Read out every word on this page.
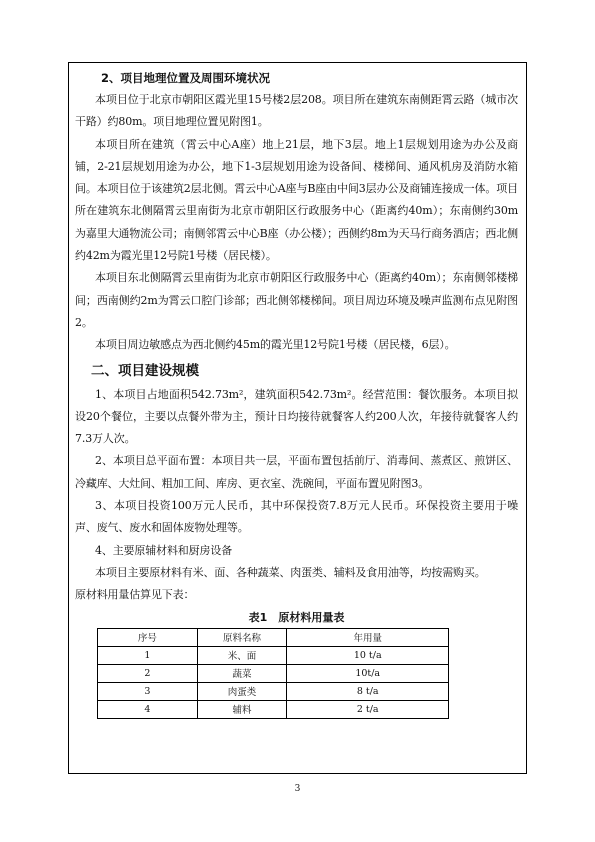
2、项目地理位置及周围环境状况

本项目位于北京市朝阳区霞光里15号楼2层208。项目所在建筑东南侧距霄云路（城市次干路）约80m。项目地理位置见附图1。

本项目所在建筑（霄云中心A座）地上21层，地下3层。地上1层规划用途为办公及商铺，2-21层规划用途为办公，地下1-3层规划用途为设备间、楼梯间、通风机房及消防水箱间。本项目位于该建筑2层北侧。霄云中心A座与B座由中间3层办公及商铺连接成一体。项目所在建筑东北侧隔霄云里南街为北京市朝阳区行政服务中心（距离约40m）；东南侧约30m为嘉里大通物流公司；南侧邻霄云中心B座（办公楼）；西侧约8m为天马行商务酒店；西北侧约42m为霞光里12号院1号楼（居民楼）。

本项目东北侧隔霄云里南街为北京市朝阳区行政服务中心（距离约40m）；东南侧邻楼梯间；西南侧约2m为霄云口腔门诊部；西北侧邻楼梯间。项目周边环境及噪声监测布点见附图2。

本项目周边敏感点为西北侧约45m的霞光里12号院1号楼（居民楼，6层）。

二、项目建设规模

1、本项目占地面积542.73m²，建筑面积542.73m²。经营范围：餐饮服务。本项目拟设20个餐位，主要以点餐外带为主，预计日均接待就餐客人约200人次，年接待就餐客人约7.3万人次。

2、本项目总平面布置：本项目共一层，平面布置包括前厅、消毒间、蒸煮区、煎饼区、冷藏库、大灶间、粗加工间、库房、更衣室、洗碗间，平面布置见附图3。

3、本项目投资100万元人民币，其中环保投资7.8万元人民币。环保投资主要用于噪声、废气、废水和固体废物处理等。

4、主要原辅材料和厨房设备

本项目主要原材料有米、面、各种蔬菜、肉蛋类、辅料及食用油等，均按需购买。

原材料用量估算见下表：

表1　原材料用量表
序号	原料名称	年用量
1	米、面	10 t/a
2	蔬菜	10t/a
3	肉蛋类	8 t/a
4	辅料	2 t/a
3
